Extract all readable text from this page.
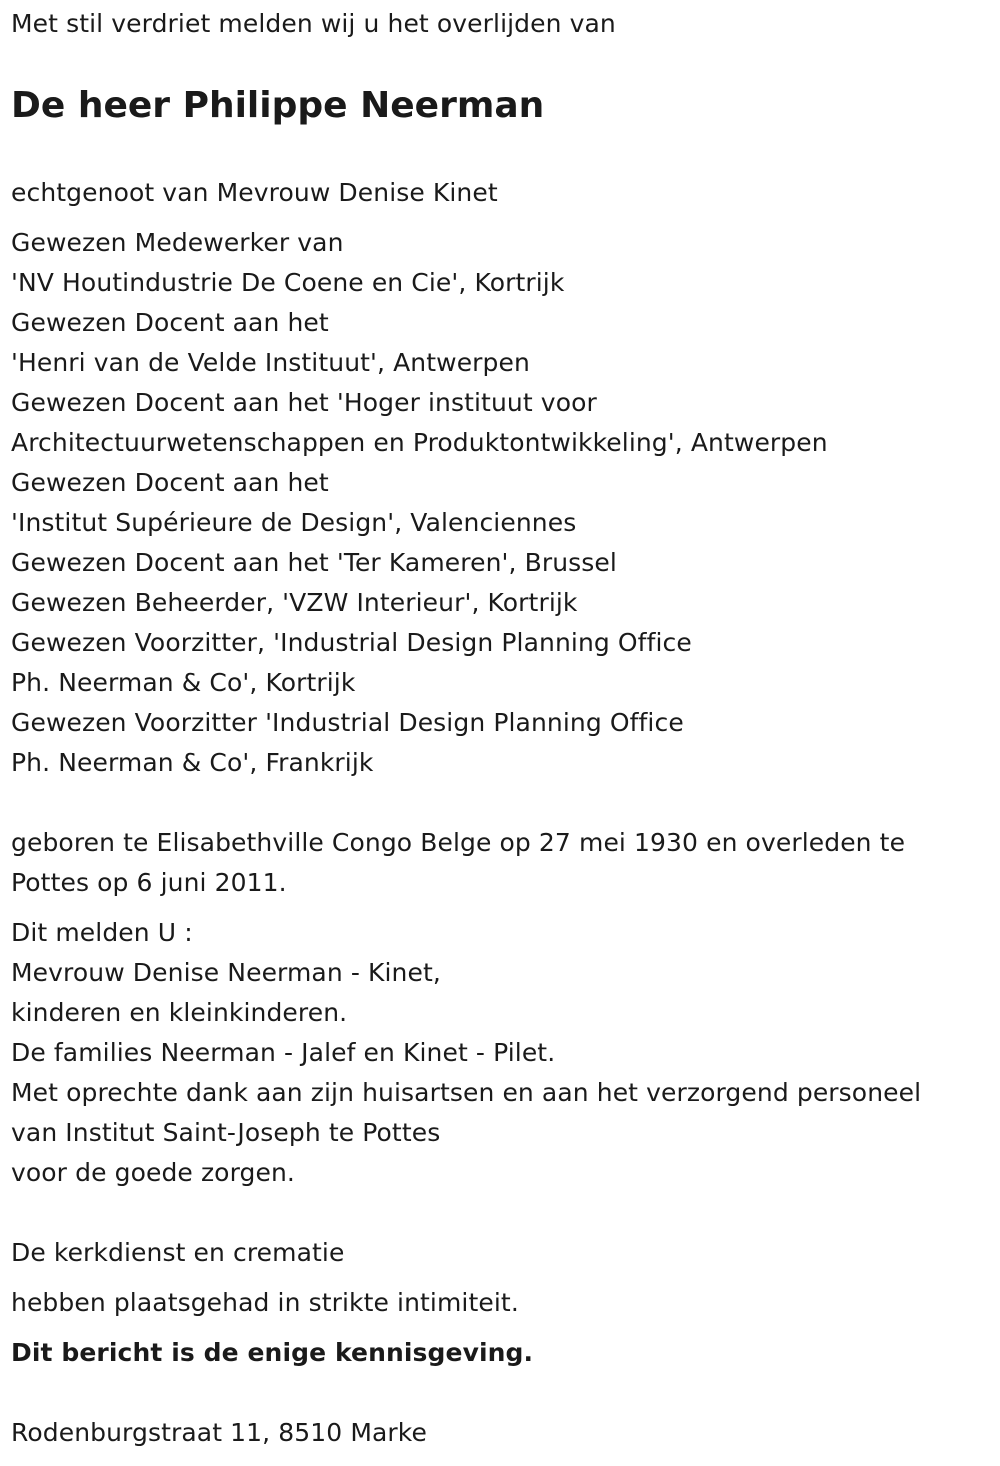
Met stil verdriet melden wij u het overlijden van
De heer Philippe Neerman
echtgenoot van Mevrouw Denise Kinet
Gewezen Medewerker van
'NV Houtindustrie De Coene en Cie', Kortrijk
Gewezen Docent aan het
'Henri van de Velde Instituut', Antwerpen
Gewezen Docent aan het 'Hoger instituut voor
Architectuurwetenschappen en Produktontwikkeling', Antwerpen
Gewezen Docent aan het
'Institut Supérieure de Design', Valenciennes
Gewezen Docent aan het 'Ter Kameren', Brussel
Gewezen Beheerder, 'VZW Interieur', Kortrijk
Gewezen Voorzitter, 'Industrial Design Planning Office
Ph. Neerman & Co', Kortrijk
Gewezen Voorzitter 'Industrial Design Planning Office
Ph. Neerman & Co', Frankrijk
geboren te Elisabethville Congo Belge op 27 mei 1930 en overleden te
Pottes op 6 juni 2011.
Dit melden U :
Mevrouw Denise Neerman - Kinet,
kinderen en kleinkinderen.
De families Neerman - Jalef en Kinet - Pilet.
Met oprechte dank aan zijn huisartsen en aan het verzorgend personeel
van Institut Saint-Joseph te Pottes
voor de goede zorgen.
De kerkdienst en crematie
hebben plaatsgehad in strikte intimiteit.
Dit bericht is de enige kennisgeving.
Rodenburgstraat 11, 8510 Marke
